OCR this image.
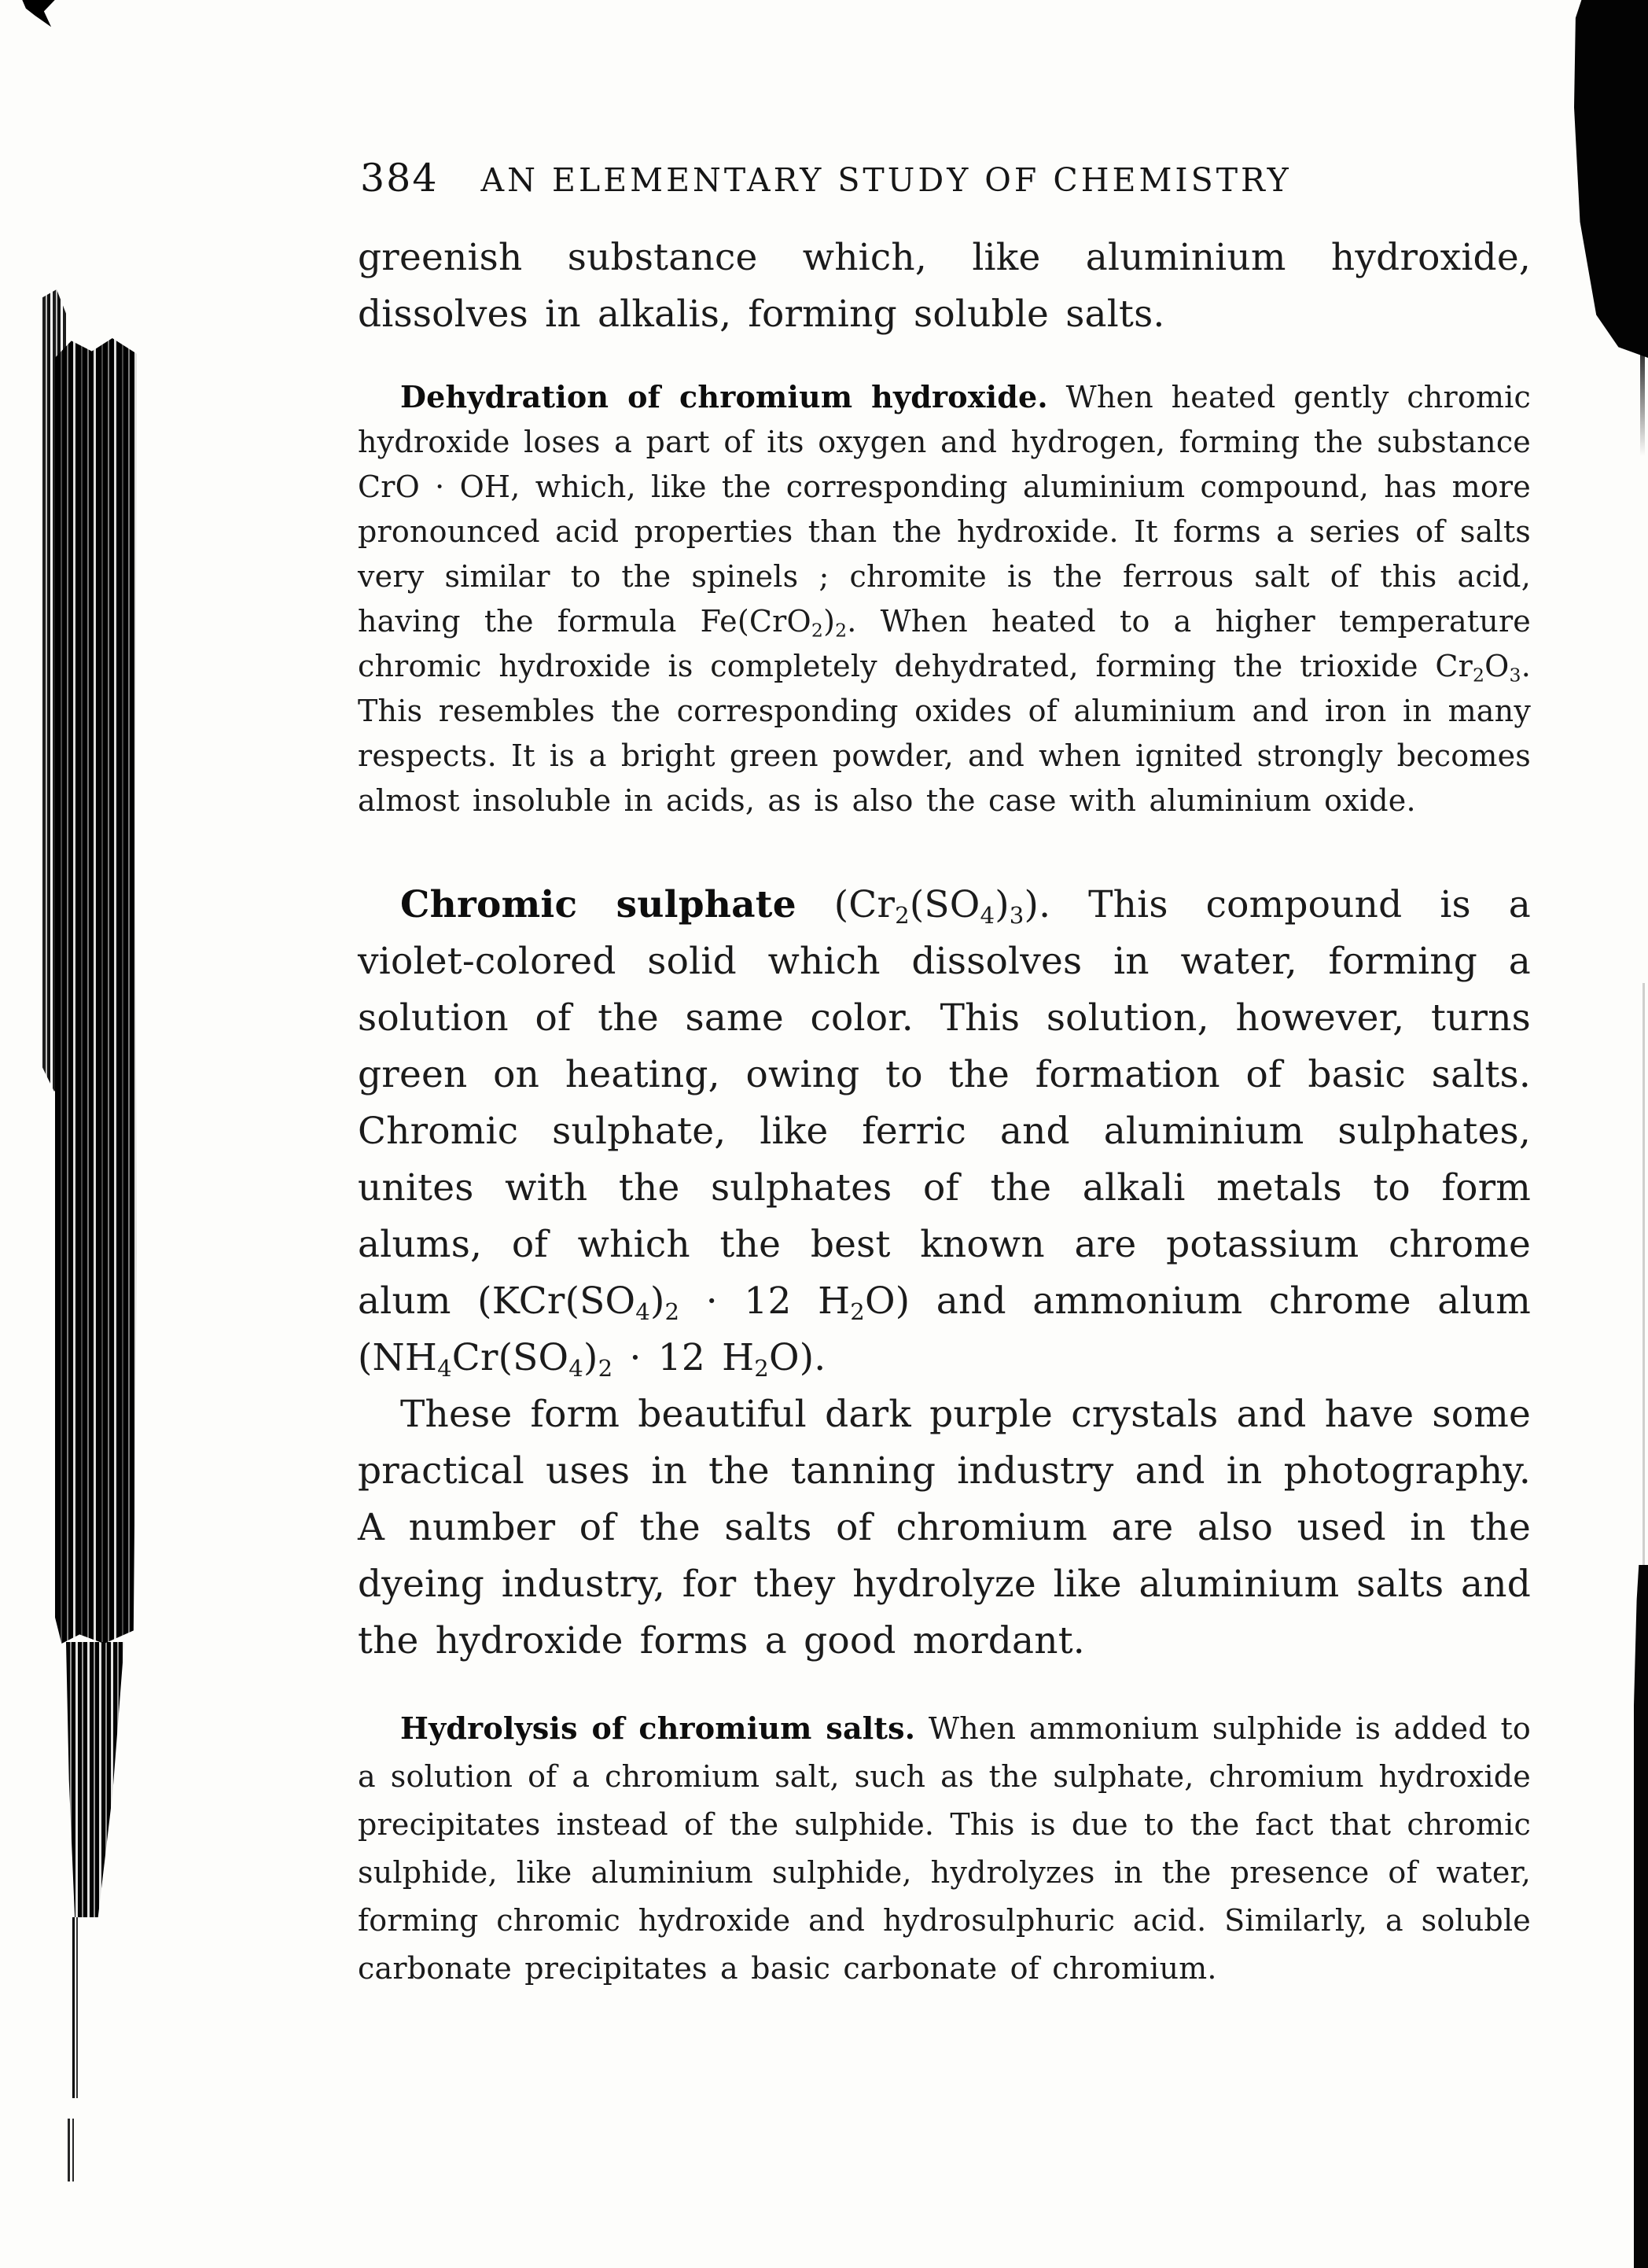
384 AN ELEMENTARY STUDY OF CHEMISTRY

greenish substance which, like aluminium hydroxide, dissolves in alkalis, forming soluble salts.

Dehydration of chromium hydroxide. When heated gently chromic hydroxide loses a part of its oxygen and hydrogen, forming the substance CrO · OH, which, like the corresponding aluminium compound, has more pronounced acid properties than the hydroxide. It forms a series of salts very similar to the spinels ; chromite is the ferrous salt of this acid, having the formula $Fe(CrO_2)_2$. When heated to a higher temperature chromic hydroxide is completely dehydrated, forming the trioxide $Cr_2O_3$. This resembles the corresponding oxides of aluminium and iron in many respects. It is a bright green powder, and when ignited strongly becomes almost insoluble in acids, as is also the case with aluminium oxide.

Chromic sulphate $(Cr_2(SO_4)_3)$. This compound is a violet-colored solid which dissolves in water, forming a solution of the same color. This solution, however, turns green on heating, owing to the formation of basic salts. Chromic sulphate, like ferric and aluminium sulphates, unites with the sulphates of the alkali metals to form alums, of which the best known are potassium chrome alum ($KCr(SO_4)_2 \cdot 12$ $H_2O$) and ammonium chrome alum ($NH_4Cr(SO_4)_2 \cdot 12$ $H_2O$).

These form beautiful dark purple crystals and have some practical uses in the tanning industry and in photography. A number of the salts of chromium are also used in the dyeing industry, for they hydrolyze like aluminium salts and the hydroxide forms a good mordant.

Hydrolysis of chromium salts. When ammonium sulphide is added to a solution of a chromium salt, such as the sulphate, chromium hydroxide precipitates instead of the sulphide. This is due to the fact that chromic sulphide, like aluminium sulphide, hydrolyzes in the presence of water, forming chromic hydroxide and hydrosulphuric acid. Similarly, a soluble carbonate precipitates a basic carbonate of chromium.
